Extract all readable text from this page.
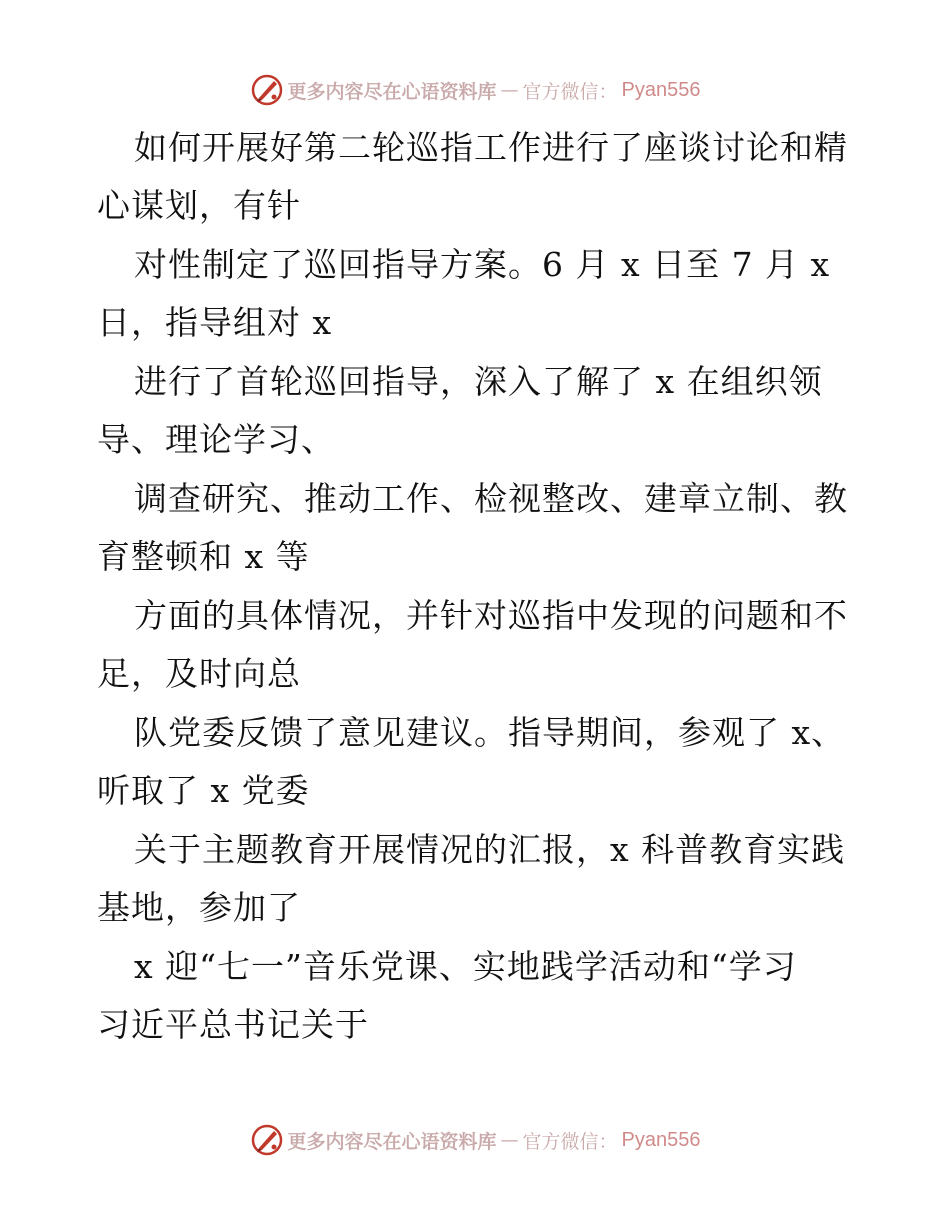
更多内容尽在心语资料库 — 官方微信： Pyan556
如何开展好第二轮巡指工作进行了座谈讨论和精
心谋划，有针
对性制定了巡回指导方案。6 月 x 日至 7 月 x
日，指导组对 x
进行了首轮巡回指导，深入了解了 x 在组织领
导、理论学习、
调查研究、推动工作、检视整改、建章立制、教
育整顿和 x 等
方面的具体情况，并针对巡指中发现的问题和不
足，及时向总
队党委反馈了意见建议。指导期间，参观了 x、
听取了 x 党委
关于主题教育开展情况的汇报，x 科普教育实践
基地，参加了
x 迎“七一”音乐党课、实地践学活动和“学习
习近平总书记关于
更多内容尽在心语资料库 — 官方微信： Pyan556
